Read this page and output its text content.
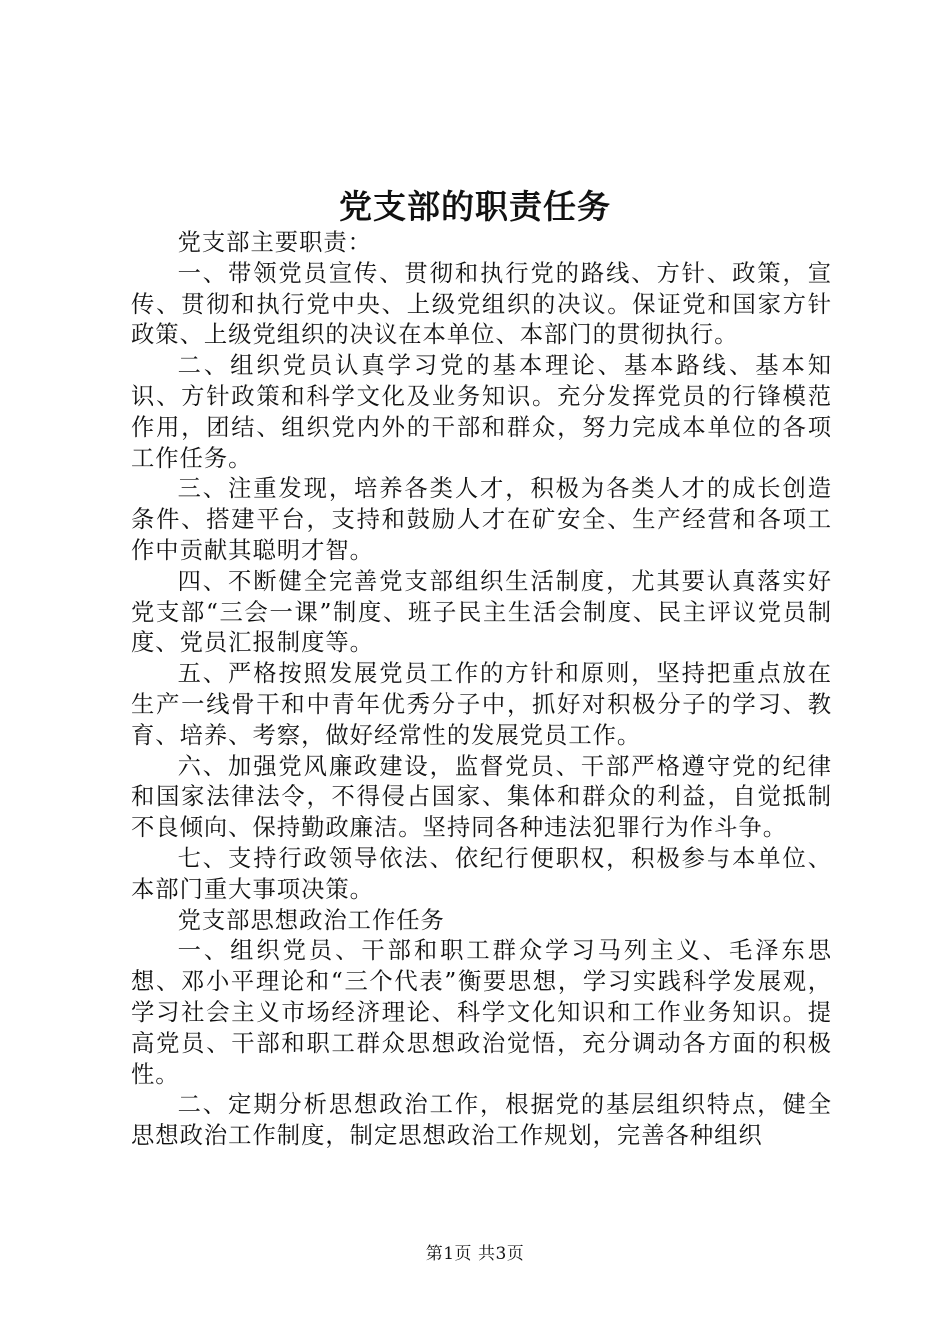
党支部的职责任务

党支部主要职责：

一、带领党员宣传、贯彻和执行党的路线、方针、政策，宣传、贯彻和执行党中央、上级党组织的决议。保证党和国家方针政策、上级党组织的决议在本单位、本部门的贯彻执行。

二、组织党员认真学习党的基本理论、基本路线、基本知识、方针政策和科学文化及业务知识。充分发挥党员的行锋模范作用，团结、组织党内外的干部和群众，努力完成本单位的各项工作任务。

三、注重发现，培养各类人才，积极为各类人才的成长创造条件、搭建平台，支持和鼓励人才在矿安全、生产经营和各项工作中贡献其聪明才智。

四、不断健全完善党支部组织生活制度，尤其要认真落实好党支部“三会一课”制度、班子民主生活会制度、民主评议党员制度、党员汇报制度等。

五、严格按照发展党员工作的方针和原则，坚持把重点放在生产一线骨干和中青年优秀分子中，抓好对积极分子的学习、教育、培养、考察，做好经常性的发展党员工作。

六、加强党风廉政建设，监督党员、干部严格遵守党的纪律和国家法律法令，不得侵占国家、集体和群众的利益，自觉抵制不良倾向、保持勤政廉洁。坚持同各种违法犯罪行为作斗争。

七、支持行政领导依法、依纪行便职权，积极参与本单位、本部门重大事项决策。

党支部思想政治工作任务

一、组织党员、干部和职工群众学习马列主义、毛泽东思想、邓小平理论和“三个代表”衡要思想，学习实践科学发展观，学习社会主义市场经济理论、科学文化知识和工作业务知识。提高党员、干部和职工群众思想政治觉悟，充分调动各方面的积极性。

二、定期分析思想政治工作，根据党的基层组织特点，健全思想政治工作制度，制定思想政治工作规划，完善各种组织

第1页 共3页
